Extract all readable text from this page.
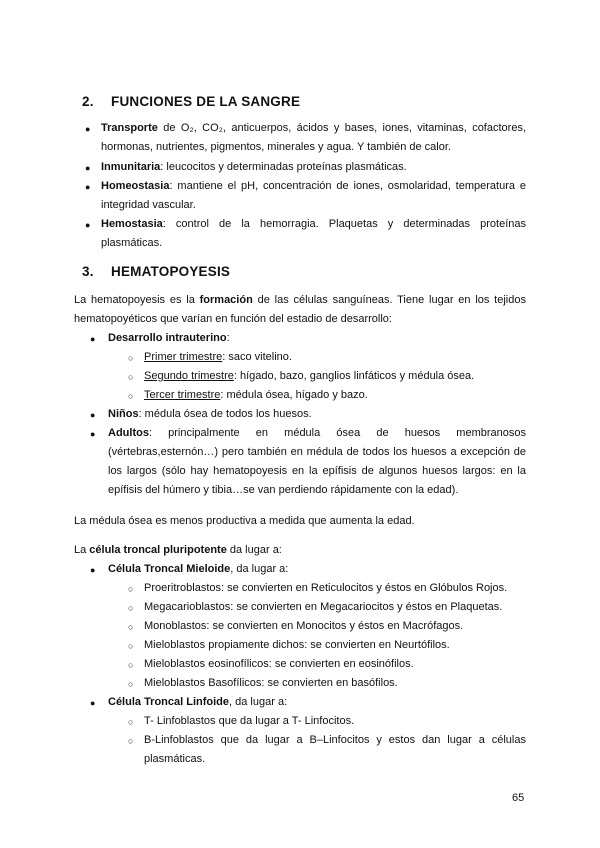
2. FUNCIONES DE LA SANGRE
● Transporte de O₂, CO₂, anticuerpos, ácidos y bases, iones, vitaminas, cofactores, hormonas, nutrientes, pigmentos, minerales y agua. Y también de calor.
● Inmunitaria: leucocitos y determinadas proteínas plasmáticas.
● Homeostasia: mantiene el pH, concentración de iones, osmolaridad, temperatura e integridad vascular.
● Hemostasia: control de la hemorragia. Plaquetas y determinadas proteínas plasmáticas.
3. HEMATOPOYESIS
La hematopoyesis es la formación de las células sanguíneas. Tiene lugar en los tejidos hematopoyéticos que varían en función del estadio de desarrollo:
● Desarrollo intrauterino:
○ Primer trimestre: saco vitelino.
○ Segundo trimestre: hígado, bazo, ganglios linfáticos y médula ósea.
○ Tercer trimestre: médula ósea, hígado y bazo.
● Niños: médula ósea de todos los huesos.
● Adultos: principalmente en médula ósea de huesos membranosos (vértebras,esternón…) pero también en médula de todos los huesos a excepción de los largos (sólo hay hematopoyesis en la epífisis de algunos huesos largos: en la epífisis del húmero y tibia…se van perdiendo rápidamente con la edad).
La médula ósea es menos productiva a medida que aumenta la edad.
La célula troncal pluripotente da lugar a:
● Célula Troncal Mieloide, da lugar a:
○ Proeritroblastos: se convierten en Reticulocitos y éstos en Glóbulos Rojos.
○ Megacarioblastos: se convierten en Megacariocitos y éstos en Plaquetas.
○ Monoblastos: se convierten en Monocitos y éstos en Macrófagos.
○ Mieloblastos propiamente dichos: se convierten en Neurtófilos.
○ Mieloblastos eosinofílicos: se convierten en eosinófilos.
○ Mieloblastos Basofílicos: se convierten en basófilos.
● Célula Troncal Linfoide, da lugar a:
○ T- Linfoblastos que da lugar a T- Linfocitos.
○ B-Linfoblastos que da lugar a B–Linfocitos y estos dan lugar a células plasmáticas.
65
